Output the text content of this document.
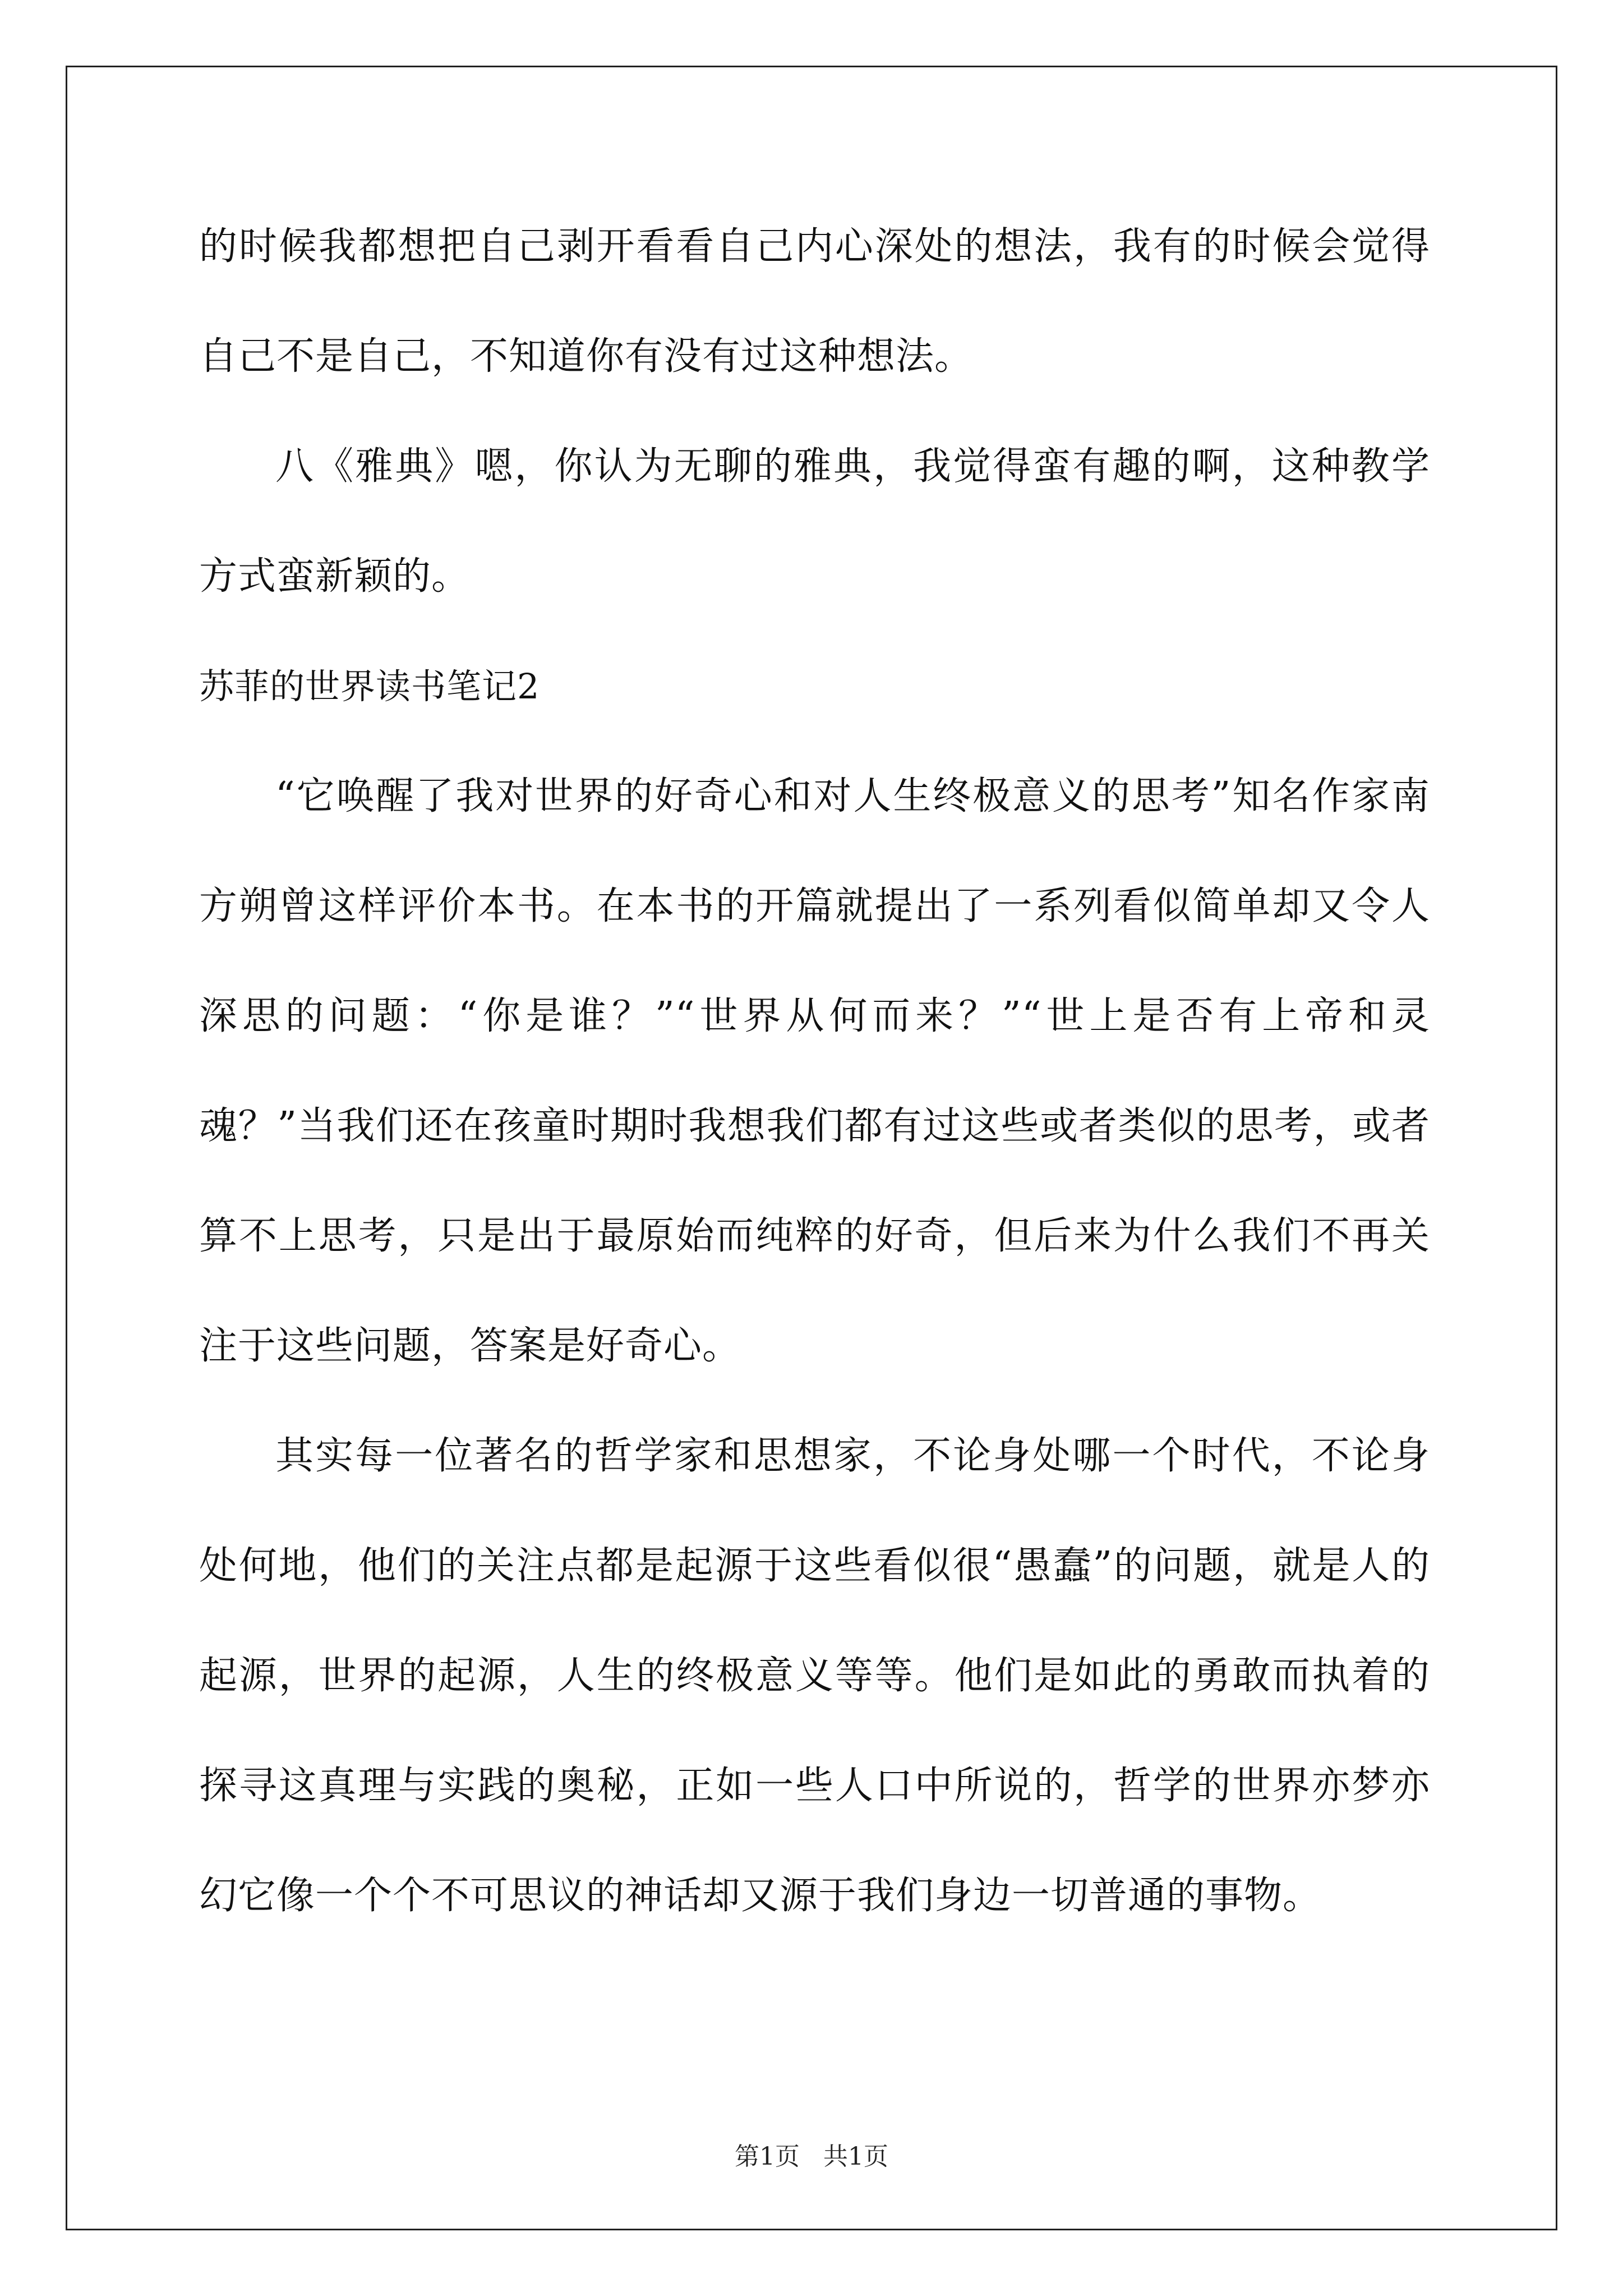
的时候我都想把自己剥开看看自己内心深处的想法，我有的时候会觉得自己不是自己，不知道你有没有过这种想法。

八《雅典》嗯，你认为无聊的雅典，我觉得蛮有趣的啊，这种教学方式蛮新颖的。

苏菲的世界读书笔记2

“它唤醒了我对世界的好奇心和对人生终极意义的思考”知名作家南方朔曾这样评价本书。在本书的开篇就提出了一系列看似简单却又令人深思的问题：“你是谁？”“世界从何而来？”“世上是否有上帝和灵魂？”当我们还在孩童时期时我想我们都有过这些或者类似的思考，或者算不上思考，只是出于最原始而纯粹的好奇，但后来为什么我们不再关注于这些问题，答案是好奇心。

其实每一位著名的哲学家和思想家，不论身处哪一个时代，不论身处何地，他们的关注点都是起源于这些看似很“愚蠢”的问题，就是人的起源，世界的起源，人生的终极意义等等。他们是如此的勇敢而执着的探寻这真理与实践的奥秘，正如一些人口中所说的，哲学的世界亦梦亦幻它像一个个不可思议的神话却又源于我们身边一切普通的事物。

第1页   共1页
